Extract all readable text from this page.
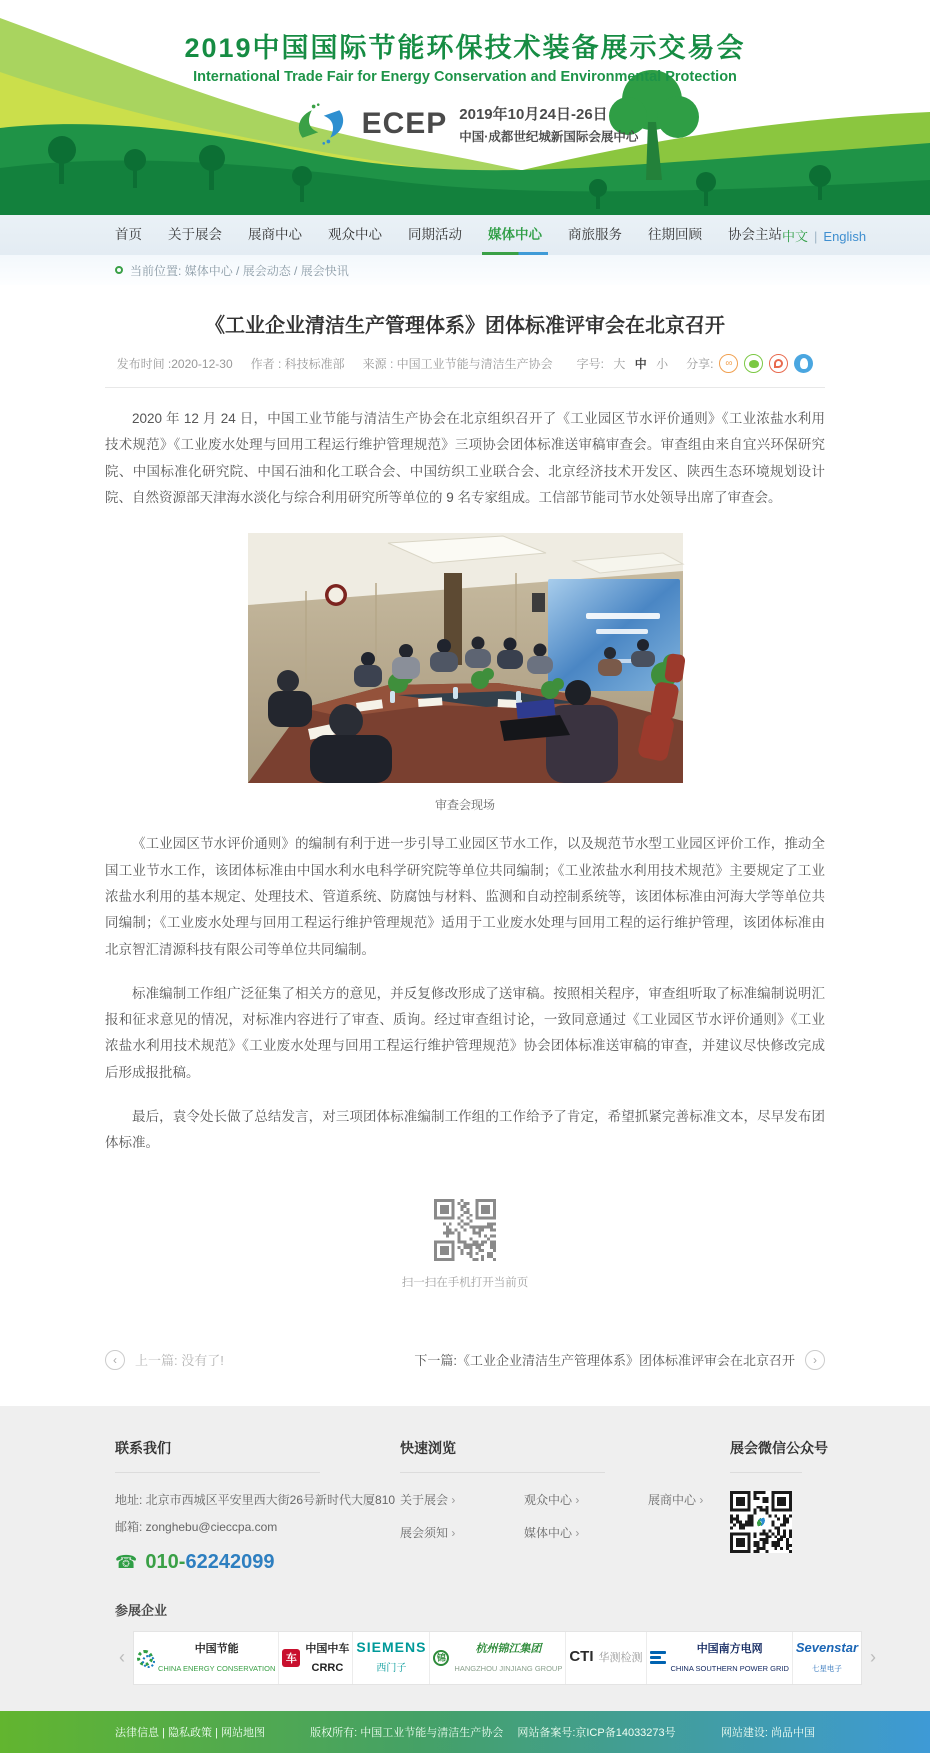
2019中国国际节能环保技术装备展示交易会
International Trade Fair for Energy Conservation and Environmental Protection
ECEP 2019年10月24日-26日
中国·成都世纪城新国际会展中心
首页 关于展会 展商中心 观众中心 同期活动 媒体中心 商旅服务 往期回顾 协会主站 中文 | English
当前位置:
媒体中心 / 展会动态 / 展会快讯
《工业企业清洁生产管理体系》团体标准评审会在北京召开
发布时间 :2020-12-30 作者 : 科技标准部 来源 : 中国工业节能与清洁生产协会	字号: 大 中 小 分享:	∞

2020 年 12 月 24 日，中国工业节能与清洁生产协会在北京组织召开了《工业园区节水评价通则》《工业浓盐水利用技术规范》《工业废水处理与回用工程运行维护管理规范》三项协会团体标准送审稿审查会。审查组由来自宜兴环保研究院、中国标准化研究院、中国石油和化工联合会、中国纺织工业联合会、北京经济技术开发区、陕西生态环境规划设计院、自然资源部天津海水淡化与综合利用研究所等单位的 9 名专家组成。工信部节能司节水处领导出席了审查会。

审查会现场

《工业园区节水评价通则》的编制有利于进一步引导工业园区节水工作，以及规范节水型工业园区评价工作，推动全国工业节水工作，该团体标准由中国水利水电科学研究院等单位共同编制；《工业浓盐水利用技术规范》主要规定了工业浓盐水利用的基本规定、处理技术、管道系统、防腐蚀与材料、监测和自动控制系统等，该团体标准由河海大学等单位共同编制；《工业废水处理与回用工程运行维护管理规范》适用于工业废水处理与回用工程的运行维护管理，该团体标准由北京智汇清源科技有限公司等单位共同编制。

标准编制工作组广泛征集了相关方的意见，并反复修改形成了送审稿。按照相关程序，审查组听取了标准编制说明汇报和征求意见的情况，对标准内容进行了审查、质询。经过审查组讨论，一致同意通过《工业园区节水评价通则》《工业浓盐水利用技术规范》《工业废水处理与回用工程运行维护管理规范》协会团体标准送审稿的审查，并建议尽快修改完成后形成报批稿。

最后，袁令处长做了总结发言，对三项团体标准编制工作组的工作给予了肯定，希望抓紧完善标准文本，尽早发布团体标准。

扫一扫在手机打开当前页
‹	上一篇: 没有了!	下一篇:《工业企业清洁生产管理体系》团体标准评审会在北京召开	›
联系我们
地址: 北京市西城区平安里西大街26号新时代大厦810
邮箱: zonghebu@cieccpa.com
☎ 010-62242099
快速浏览
关于展会 ›	观众中心 ›	展商中心 ›
展会须知 ›	媒体中心 ›
展会微信公众号
参展企业
‹	中国节能
CHINA ENERGY CONSERVATION
车
中国中车
CRRC
SIEMENS
西门子
锦
杭州锦江集团
HANGZHOU JINJIANG GROUP
CTI 华测检测
中国南方电网
CHINA SOUTHERN POWER GRID
Sevenstar
七星电子
›
法律信息 | 隐私政策 | 网站地图	版权所有: 中国工业节能与清洁生产协会　 网站备案号:京ICP备14033273号	网站建设: 尚品中国
